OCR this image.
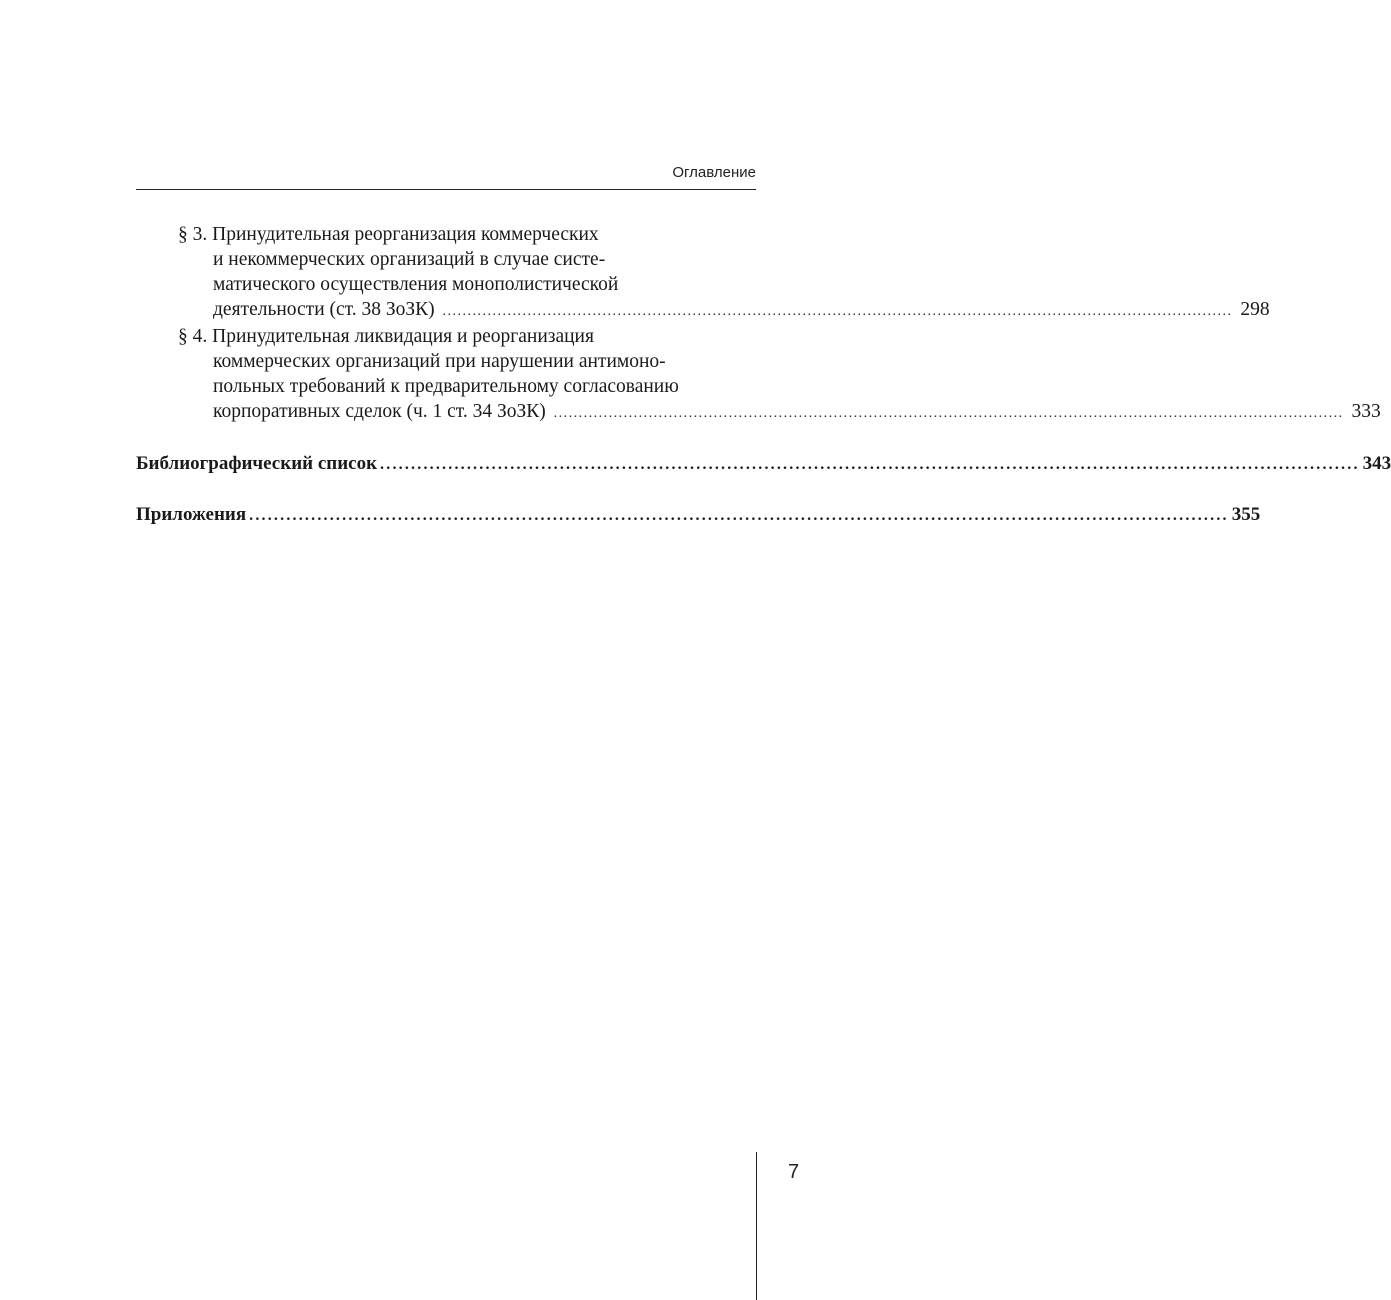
Оглавление
§ 3. Принудительная реорганизация коммерческих
и некоммерческих организаций в случае систе-
матического осуществления монополистической
деятельности (ст. 38 ЗоЗК) .....	298
§ 4. Принудительная ликвидация и реорганизация
коммерческих организаций при нарушении антимоно-
польных требований к предварительному согласованию
корпоративных сделок (ч. 1 ст. 34 ЗоЗК) .....	333
Библиографический список .....	343
Приложения .....	355
7
